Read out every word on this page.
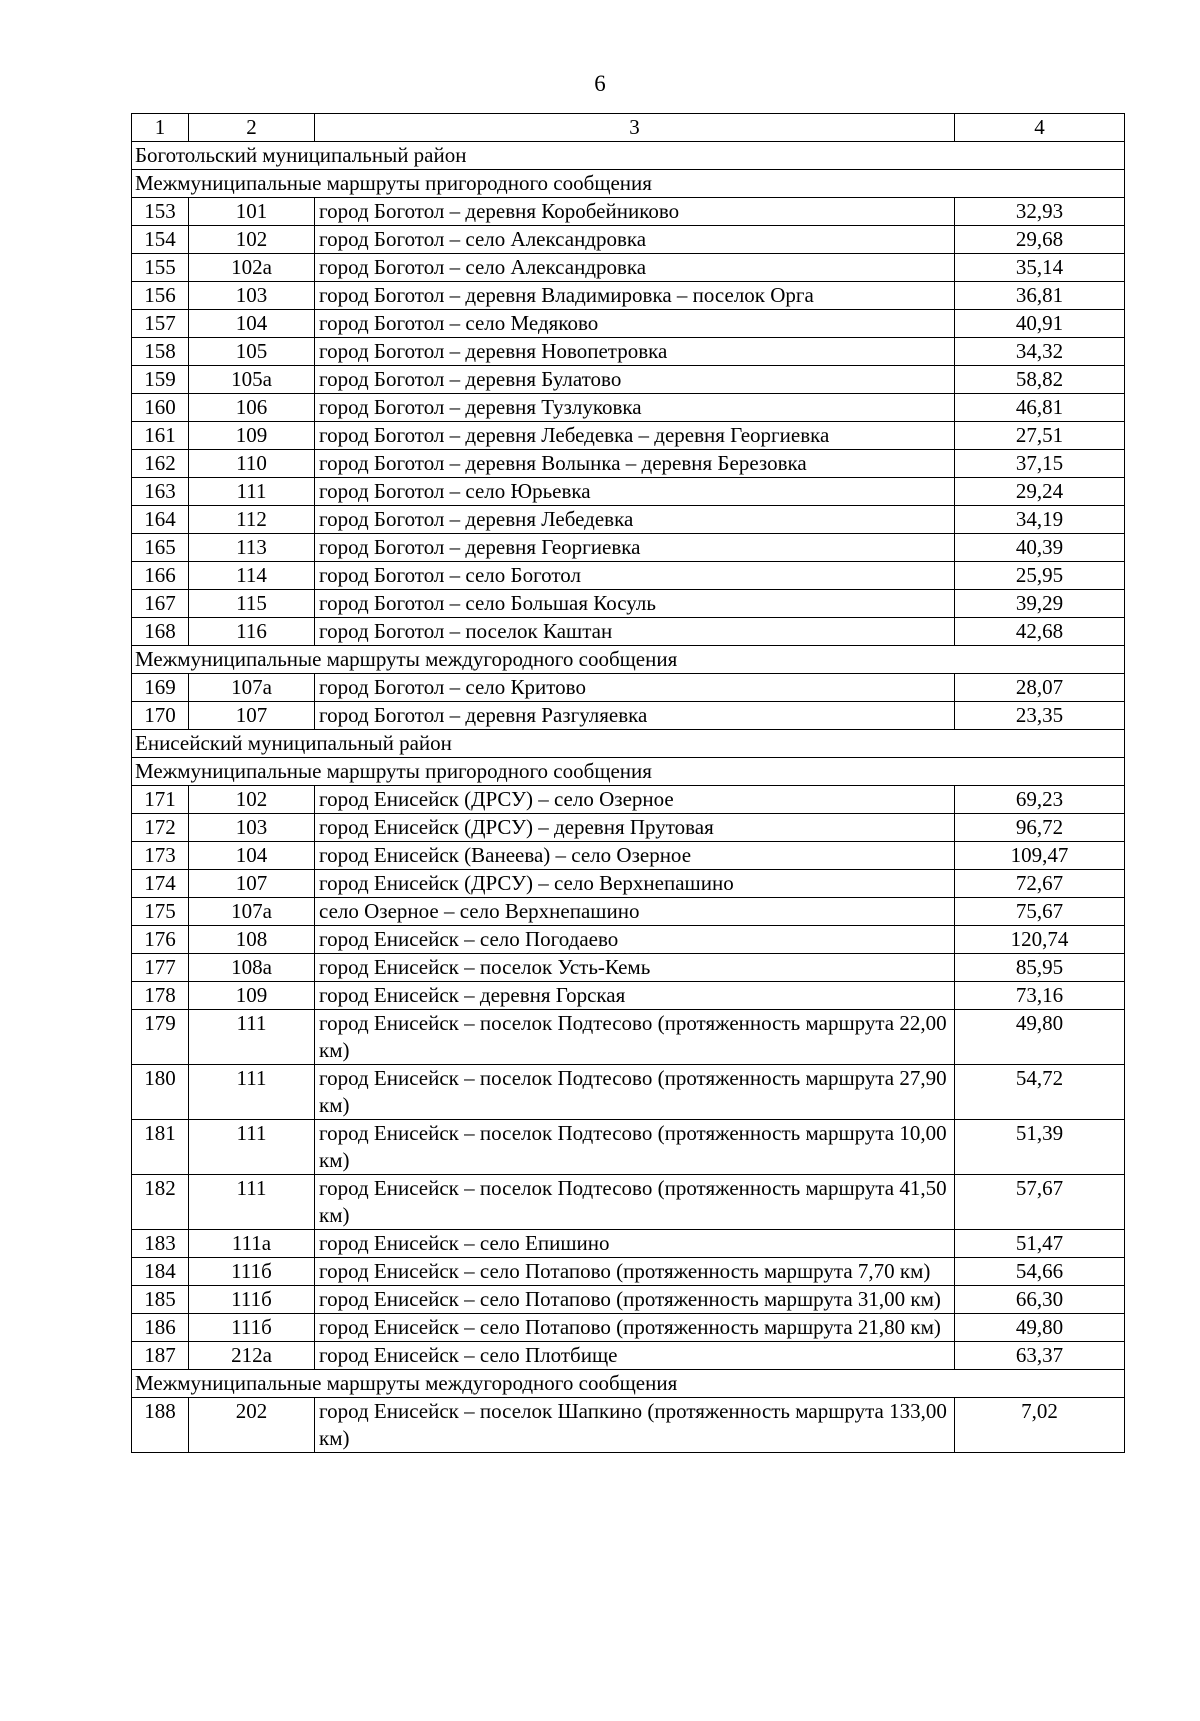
6
1	2	3	4
Боготольский муниципальный район			
Межмуниципальные маршруты пригородного сообщения			
153	101	город Боготол – деревня Коробейниково	32,93
154	102	город Боготол – село Александровка	29,68
155	102а	город Боготол – село Александровка	35,14
156	103	город Боготол – деревня Владимировка – поселок Орга	36,81
157	104	город Боготол – село Медяково	40,91
158	105	город Боготол – деревня Новопетровка	34,32
159	105а	город Боготол – деревня Булатово	58,82
160	106	город Боготол – деревня Тузлуковка	46,81
161	109	город Боготол – деревня Лебедевка – деревня Георгиевка	27,51
162	110	город Боготол – деревня Волынка – деревня Березовка	37,15
163	111	город Боготол – село Юрьевка	29,24
164	112	город Боготол – деревня Лебедевка	34,19
165	113	город Боготол – деревня Георгиевка	40,39
166	114	город Боготол – село Боготол	25,95
167	115	город Боготол – село Большая Косуль	39,29
168	116	город Боготол – поселок Каштан	42,68
Межмуниципальные маршруты междугородного сообщения			
169	107а	город Боготол – село Критово	28,07
170	107	город Боготол – деревня Разгуляевка	23,35
Енисейский муниципальный район			
Межмуниципальные маршруты пригородного сообщения			
171	102	город Енисейск (ДРСУ) – село Озерное	69,23
172	103	город Енисейск (ДРСУ) – деревня Прутовая	96,72
173	104	город Енисейск (Ванеева) – село Озерное	109,47
174	107	город Енисейск (ДРСУ) – село Верхнепашино	72,67
175	107а	село Озерное – село Верхнепашино	75,67
176	108	город Енисейск – село Погодаево	120,74
177	108а	город Енисейск – поселок Усть-Кемь	85,95
178	109	город Енисейск – деревня Горская	73,16
179	111	город Енисейск – поселок Подтесово (протяженность маршрута 22,00 км)	49,80
180	111	город Енисейск – поселок Подтесово (протяженность маршрута 27,90 км)	54,72
181	111	город Енисейск – поселок Подтесово (протяженность маршрута 10,00 км)	51,39
182	111	город Енисейск – поселок Подтесово (протяженность маршрута 41,50 км)	57,67
183	111а	город Енисейск – село Епишино	51,47
184	111б	город Енисейск – село Потапово (протяженность маршрута 7,70 км)	54,66
185	111б	город Енисейск – село Потапово (протяженность маршрута 31,00 км)	66,30
186	111б	город Енисейск – село Потапово (протяженность маршрута 21,80 км)	49,80
187	212а	город Енисейск – село Плотбище	63,37
Межмуниципальные маршруты междугородного сообщения			
188	202	город Енисейск – поселок Шапкино (протяженность маршрута 133,00 км)	7,02
